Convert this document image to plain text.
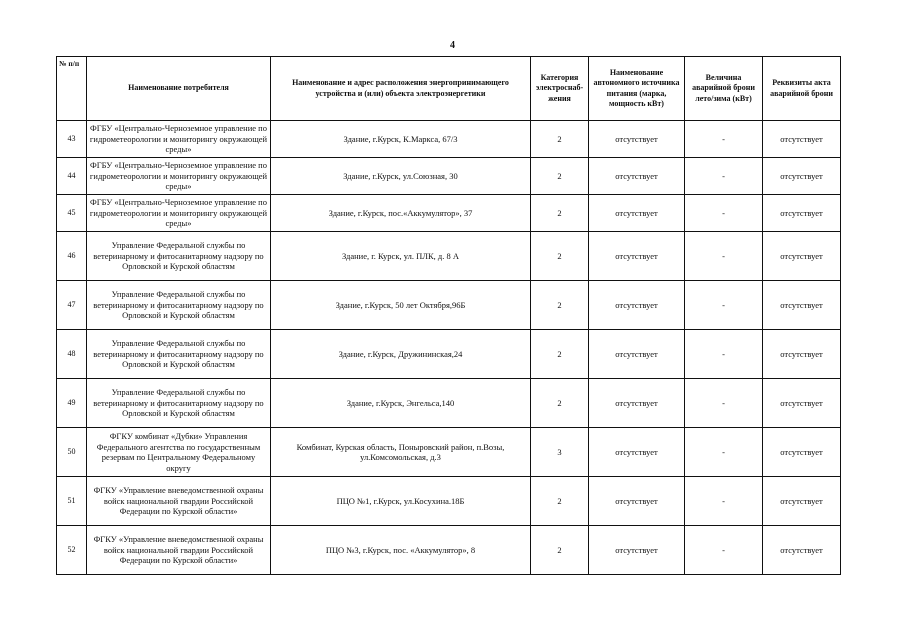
4
№ п/п	Наименование потребителя	Наименование и адрес расположения энергопринимающего устройства и (или) объекта электроэнергетики	Категория электроснаб-жения	Наименование автономного источника питания (марка, мощность кВт)	Величина аварийной брони лето/зима (кВт)	Реквизиты акта аварийной брони
43	ФГБУ «Центрально-Черноземное управление по гидрометеорологии и мониторингу окружающей среды»	Здание, г.Курск, К.Маркса, 67/3	2	отсутствует	-	отсутствует
44	ФГБУ «Центрально-Черноземное управление по гидрометеорологии и мониторингу окружающей среды»	Здание, г.Курск, ул.Союзная, 30	2	отсутствует	-	отсутствует
45	ФГБУ «Центрально-Черноземное управление по гидрометеорологии и мониторингу окружающей среды»	Здание, г.Курск, пос.«Аккумулятор», 37	2	отсутствует	-	отсутствует
46	Управление Федеральной службы по ветеринарному и фитосанитарному надзору по Орловской и Курской областям	Здание, г. Курск, ул. ПЛК, д. 8 А	2	отсутствует	-	отсутствует
47	Управление Федеральной службы по ветеринарному и фитосанитарному надзору по Орловской и Курской областям	Здание, г.Курск, 50 лет Октября,96Б	2	отсутствует	-	отсутствует
48	Управление Федеральной службы по ветеринарному и фитосанитарному надзору по Орловской и Курской областям	Здание, г.Курск, Дружининская,24	2	отсутствует	-	отсутствует
49	Управление Федеральной службы по ветеринарному и фитосанитарному надзору по Орловской и Курской областям	Здание, г.Курск, Энгельса,140	2	отсутствует	-	отсутствует
50	ФГКУ комбинат «Дубки» Управления Федерального агентства по государственным резервам по Центральному Федеральному округу	Комбинат, Курская область, Поныровский район, п.Возы, ул.Комсомольская, д.3	3	отсутствует	-	отсутствует
51	ФГКУ «Управление вневедомственной охраны войск национальной гвардии Российской Федерации по Курской области»	ПЦО №1, г.Курск, ул.Косухина.18Б	2	отсутствует	-	отсутствует
52	ФГКУ «Управление вневедомственной охраны войск национальной гвардии Российской Федерации по Курской области»	ПЦО №3, г.Курск, пос. «Аккумулятор», 8	2	отсутствует	-	отсутствует
